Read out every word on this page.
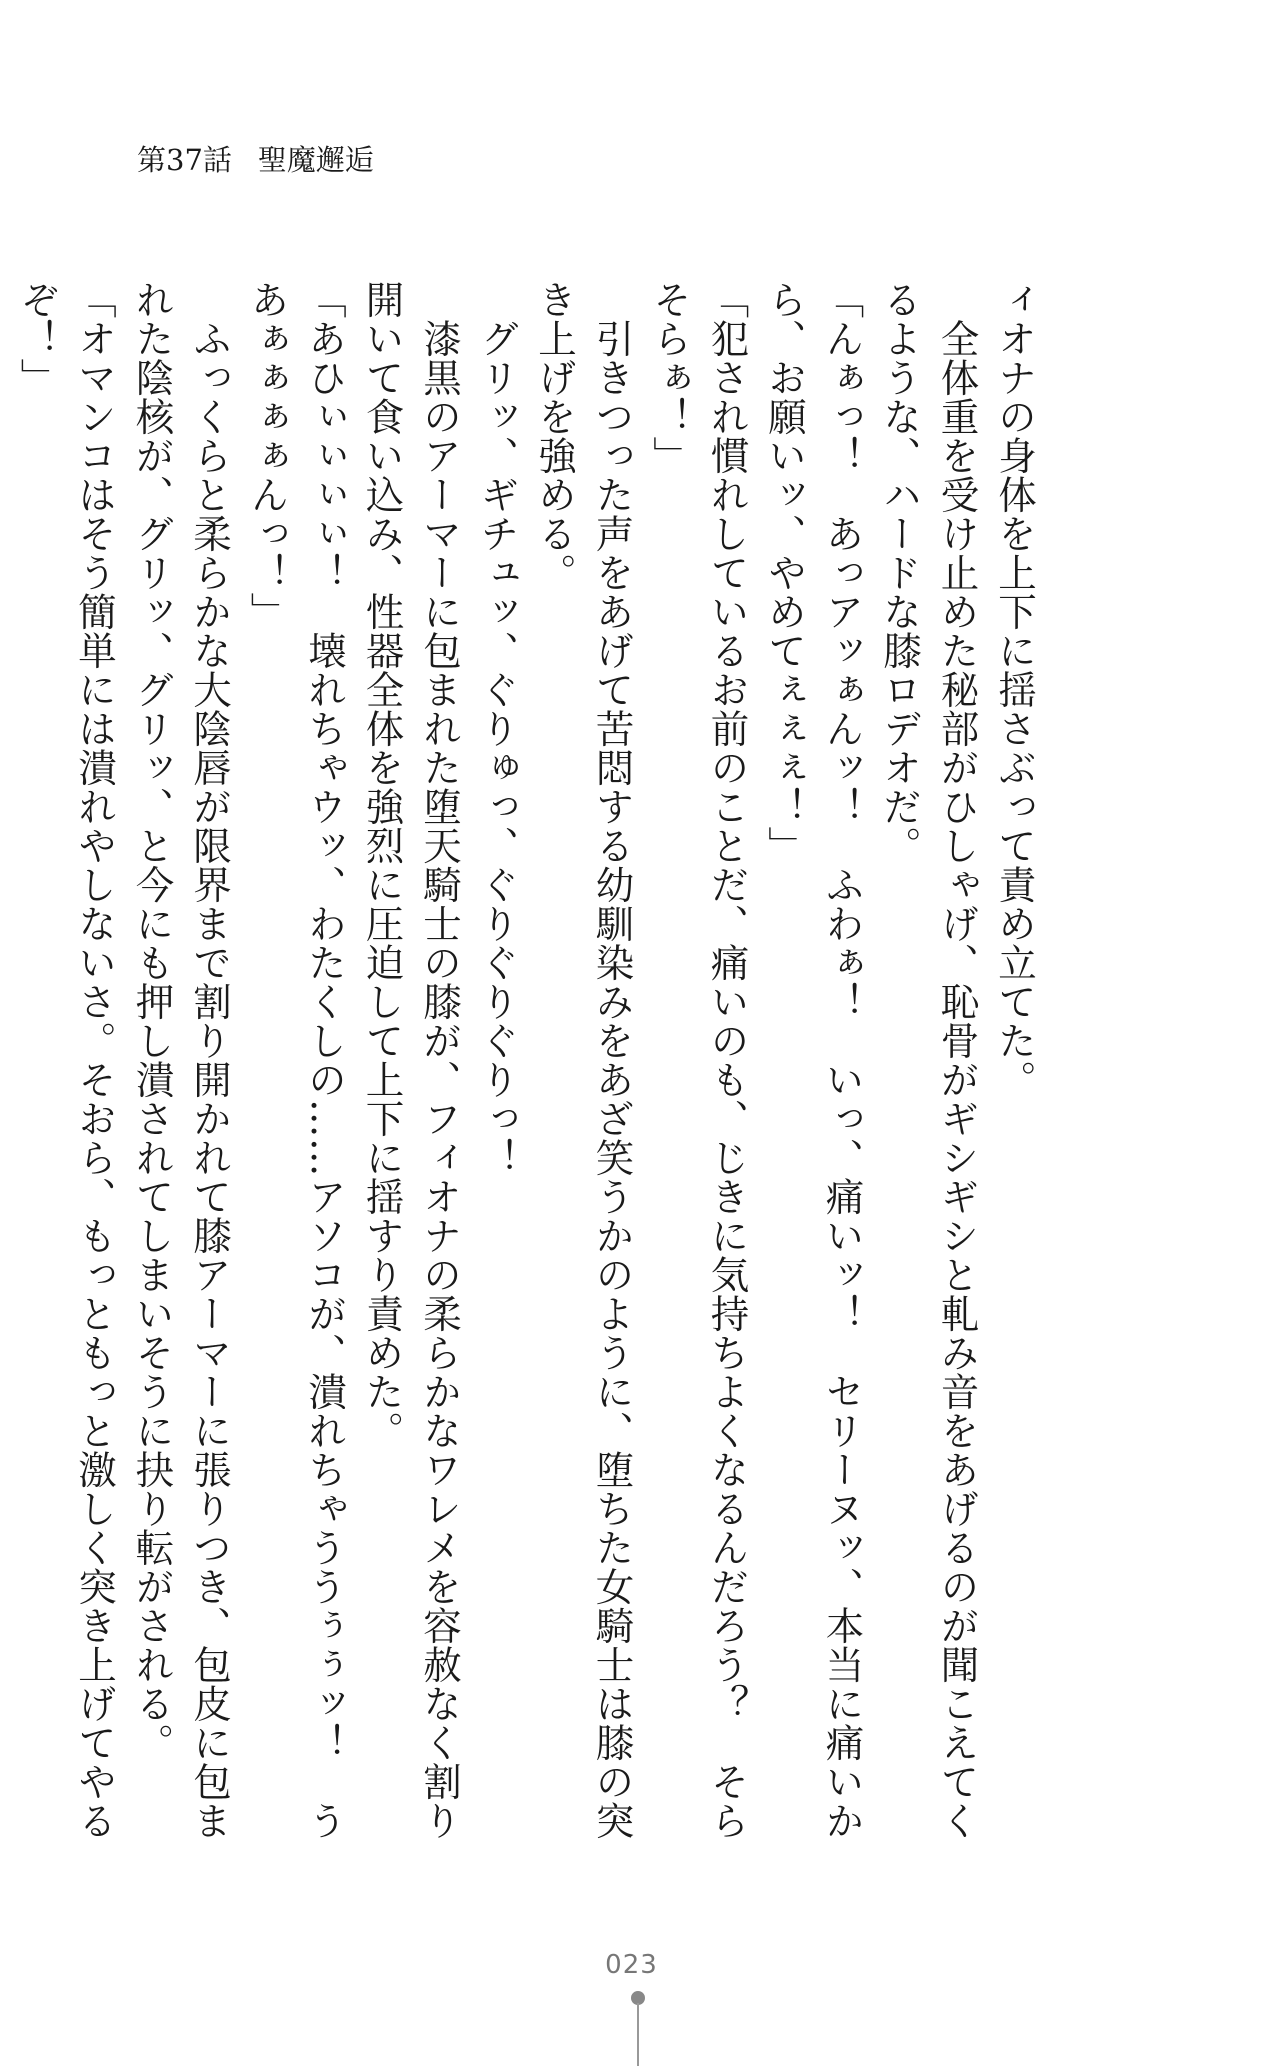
第37話 聖魔邂逅

ィオナの身体を上下に揺さぶって責め立てた。

　全体重を受け止めた秘部がひしゃげ、恥骨がギシギシと軋み音をあげるのが聞こえてく

るような、ハードな膝ロデオだ。

「んぁっ！　あっアッぁんッ！　ふわぁ！　いっ、痛いッ！　セリーヌッ、本当に痛いか

ら、お願いッ、やめてぇぇぇ！」

「犯され慣れしているお前のことだ、痛いのも、じきに気持ちよくなるんだろう？　そら

そらぁ！」

　引きつった声をあげて苦悶する幼馴染みをあざ笑うかのように、堕ちた女騎士は膝の突

き上げを強める。

　グリッ、ギチュッ、ぐりゅっ、ぐりぐりぐりっ！

　漆黒のアーマーに包まれた堕天騎士の膝が、フィオナの柔らかなワレメを容赦なく割り

開いて食い込み、性器全体を強烈に圧迫して上下に揺すり責めた。

「あひぃぃぃぃ！　壊れちゃウッ、わたくしの……アソコが、潰れちゃううぅぅッ！　う

あぁぁぁぁんっ！」

　ふっくらと柔らかな大陰唇が限界まで割り開かれて膝アーマーに張りつき、包皮に包ま

れた陰核が、グリッ、グリッ、と今にも押し潰されてしまいそうに抉り転がされる。

「オマンコはそう簡単には潰れやしないさ。そおら、もっともっと激しく突き上げてやる

ぞ！」

023
